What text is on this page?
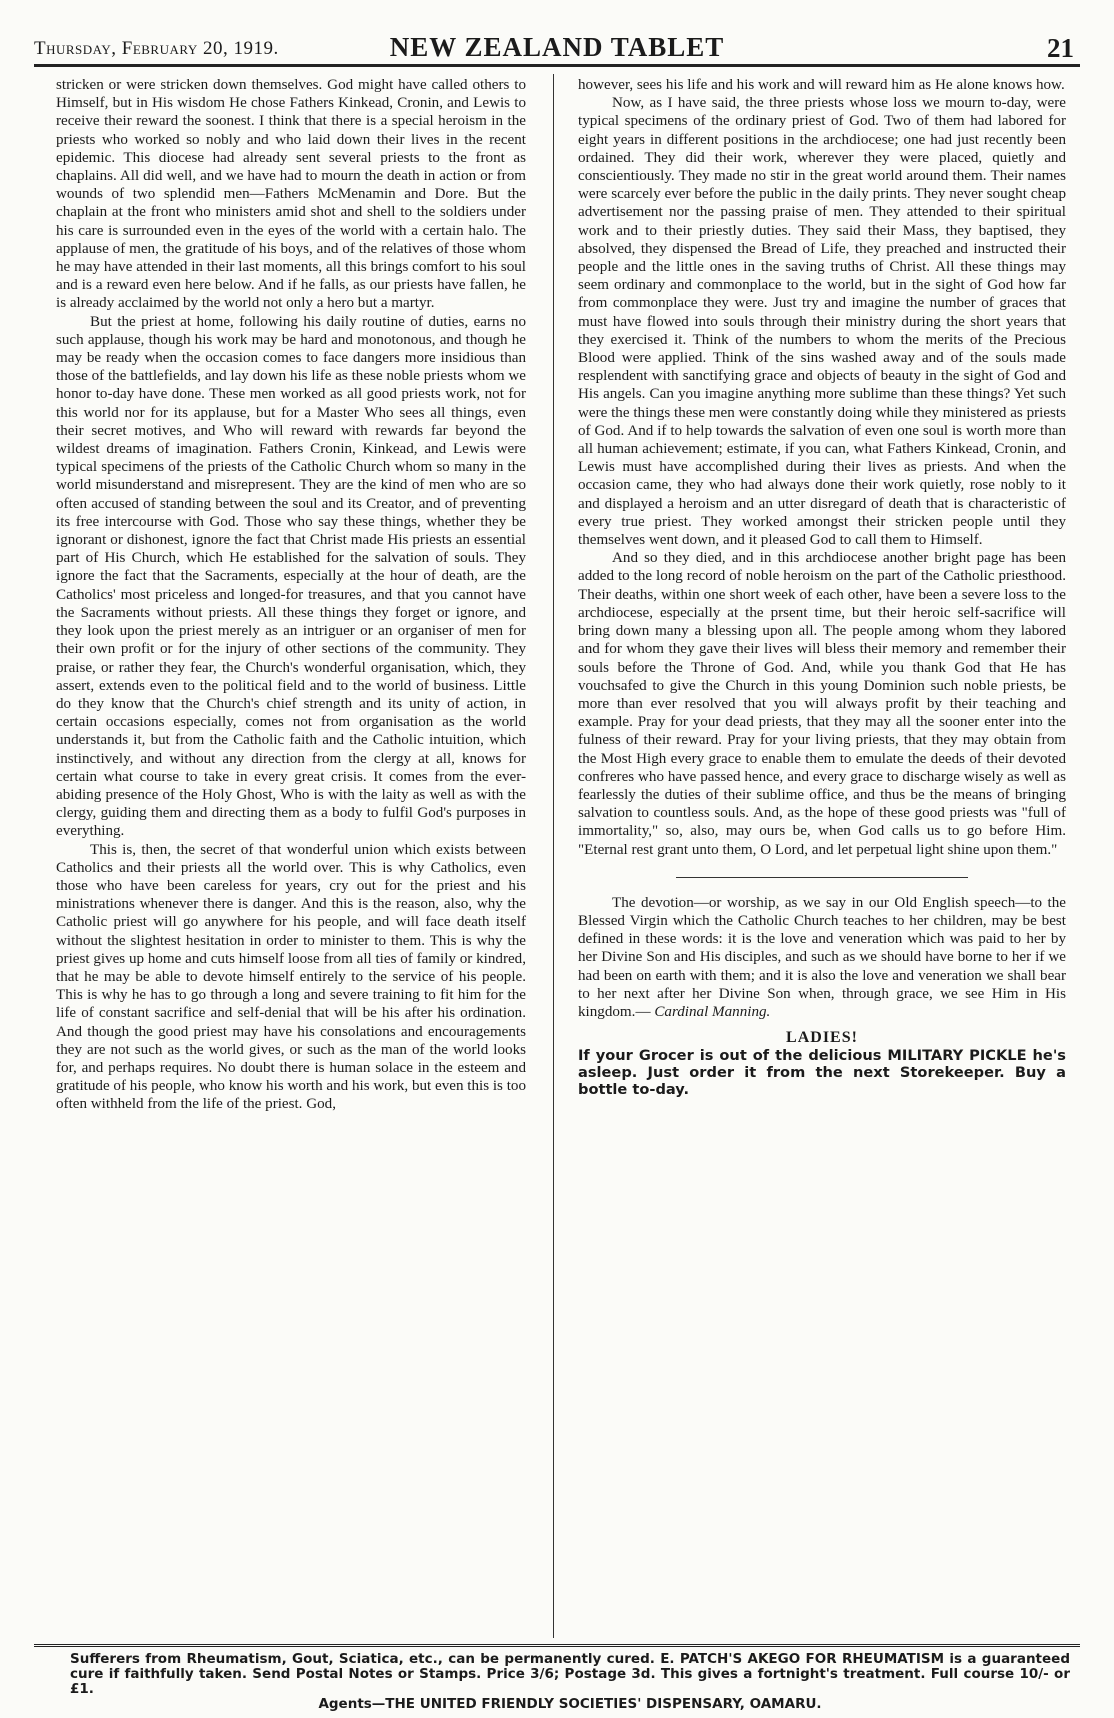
Thursday, February 20, 1919.	NEW ZEALAND TABLET	21

stricken or were stricken down themselves. God might have called others to Himself, but in His wisdom He chose Fathers Kinkead, Cronin, and Lewis to receive their reward the soonest. I think that there is a special heroism in the priests who worked so nobly and who laid down their lives in the recent epidemic. This diocese had already sent several priests to the front as chaplains. All did well, and we have had to mourn the death in action or from wounds of two splendid men—Fathers McMenamin and Dore. But the chaplain at the front who ministers amid shot and shell to the soldiers under his care is surrounded even in the eyes of the world with a certain halo. The applause of men, the gratitude of his boys, and of the relatives of those whom he may have attended in their last moments, all this brings comfort to his soul and is a reward even here below. And if he falls, as our priests have fallen, he is already acclaimed by the world not only a hero but a martyr.

But the priest at home, following his daily routine of duties, earns no such applause, though his work may be hard and monotonous, and though he may be ready when the occasion comes to face dangers more insidious than those of the battlefields, and lay down his life as these noble priests whom we honor to-day have done. These men worked as all good priests work, not for this world nor for its applause, but for a Master Who sees all things, even their secret motives, and Who will reward with rewards far beyond the wildest dreams of imagination. Fathers Cronin, Kinkead, and Lewis were typical specimens of the priests of the Catholic Church whom so many in the world misunderstand and misrepresent. They are the kind of men who are so often accused of standing between the soul and its Creator, and of preventing its free intercourse with God. Those who say these things, whether they be ignorant or dishonest, ignore the fact that Christ made His priests an essential part of His Church, which He established for the salvation of souls. They ignore the fact that the Sacraments, especially at the hour of death, are the Catholics' most priceless and longed-for treasures, and that you cannot have the Sacraments without priests. All these things they forget or ignore, and they look upon the priest merely as an intriguer or an organiser of men for their own profit or for the injury of other sections of the community. They praise, or rather they fear, the Church's wonderful organisation, which, they assert, extends even to the political field and to the world of business. Little do they know that the Church's chief strength and its unity of action, in certain occasions especially, comes not from organisation as the world understands it, but from the Catholic faith and the Catholic intuition, which instinctively, and without any direction from the clergy at all, knows for certain what course to take in every great crisis. It comes from the ever-abiding presence of the Holy Ghost, Who is with the laity as well as with the clergy, guiding them and directing them as a body to fulfil God's purposes in everything.

This is, then, the secret of that wonderful union which exists between Catholics and their priests all the world over. This is why Catholics, even those who have been careless for years, cry out for the priest and his ministrations whenever there is danger. And this is the reason, also, why the Catholic priest will go anywhere for his people, and will face death itself without the slightest hesitation in order to minister to them. This is why the priest gives up home and cuts himself loose from all ties of family or kindred, that he may be able to devote himself entirely to the service of his people. This is why he has to go through a long and severe training to fit him for the life of constant sacrifice and self-denial that will be his after his ordination. And though the good priest may have his consolations and encouragements they are not such as the world gives, or such as the man of the world looks for, and perhaps requires. No doubt there is human solace in the esteem and gratitude of his people, who know his worth and his work, but even this is too often withheld from the life of the priest. God,

however, sees his life and his work and will reward him as He alone knows how.

Now, as I have said, the three priests whose loss we mourn to-day, were typical specimens of the ordinary priest of God. Two of them had labored for eight years in different positions in the archdiocese; one had just recently been ordained. They did their work, wherever they were placed, quietly and conscientiously. They made no stir in the great world around them. Their names were scarcely ever before the public in the daily prints. They never sought cheap advertisement nor the passing praise of men. They attended to their spiritual work and to their priestly duties. They said their Mass, they baptised, they absolved, they dispensed the Bread of Life, they preached and instructed their people and the little ones in the saving truths of Christ. All these things may seem ordinary and commonplace to the world, but in the sight of God how far from commonplace they were. Just try and imagine the number of graces that must have flowed into souls through their ministry during the short years that they exercised it. Think of the numbers to whom the merits of the Precious Blood were applied. Think of the sins washed away and of the souls made resplendent with sanctifying grace and objects of beauty in the sight of God and His angels. Can you imagine anything more sublime than these things? Yet such were the things these men were constantly doing while they ministered as priests of God. And if to help towards the salvation of even one soul is worth more than all human achievement; estimate, if you can, what Fathers Kinkead, Cronin, and Lewis must have accomplished during their lives as priests. And when the occasion came, they who had always done their work quietly, rose nobly to it and displayed a heroism and an utter disregard of death that is characteristic of every true priest. They worked amongst their stricken people until they themselves went down, and it pleased God to call them to Himself.

And so they died, and in this archdiocese another bright page has been added to the long record of noble heroism on the part of the Catholic priesthood. Their deaths, within one short week of each other, have been a severe loss to the archdiocese, especially at the prsent time, but their heroic self-sacrifice will bring down many a blessing upon all. The people among whom they labored and for whom they gave their lives will bless their memory and remember their souls before the Throne of God. And, while you thank God that He has vouchsafed to give the Church in this young Dominion such noble priests, be more than ever resolved that you will always profit by their teaching and example. Pray for your dead priests, that they may all the sooner enter into the fulness of their reward. Pray for your living priests, that they may obtain from the Most High every grace to enable them to emulate the deeds of their devoted confreres who have passed hence, and every grace to discharge wisely as well as fearlessly the duties of their sublime office, and thus be the means of bringing salvation to countless souls. And, as the hope of these good priests was "full of immortality," so, also, may ours be, when God calls us to go before Him. "Eternal rest grant unto them, O Lord, and let perpetual light shine upon them."

The devotion—or worship, as we say in our Old English speech—to the Blessed Virgin which the Catholic Church teaches to her children, may be best defined in these words: it is the love and veneration which was paid to her by her Divine Son and His disciples, and such as we should have borne to her if we had been on earth with them; and it is also the love and veneration we shall bear to her next after her Divine Son when, through grace, we see Him in His kingdom.— Cardinal Manning.

LADIES!

If your Grocer is out of the delicious MILITARY PICKLE he's asleep. Just order it from the next Storekeeper. Buy a bottle to-day.

Sufferers from Rheumatism, Gout, Sciatica, etc., can be permanently cured. E. PATCH'S AKEGO FOR RHEUMATISM is a guaranteed cure if faithfully taken. Send Postal Notes or Stamps. Price 3/6; Postage 3d. This gives a fortnight's treatment. Full course 10/- or £1.

Agents—THE UNITED FRIENDLY SOCIETIES' DISPENSARY, OAMARU.
